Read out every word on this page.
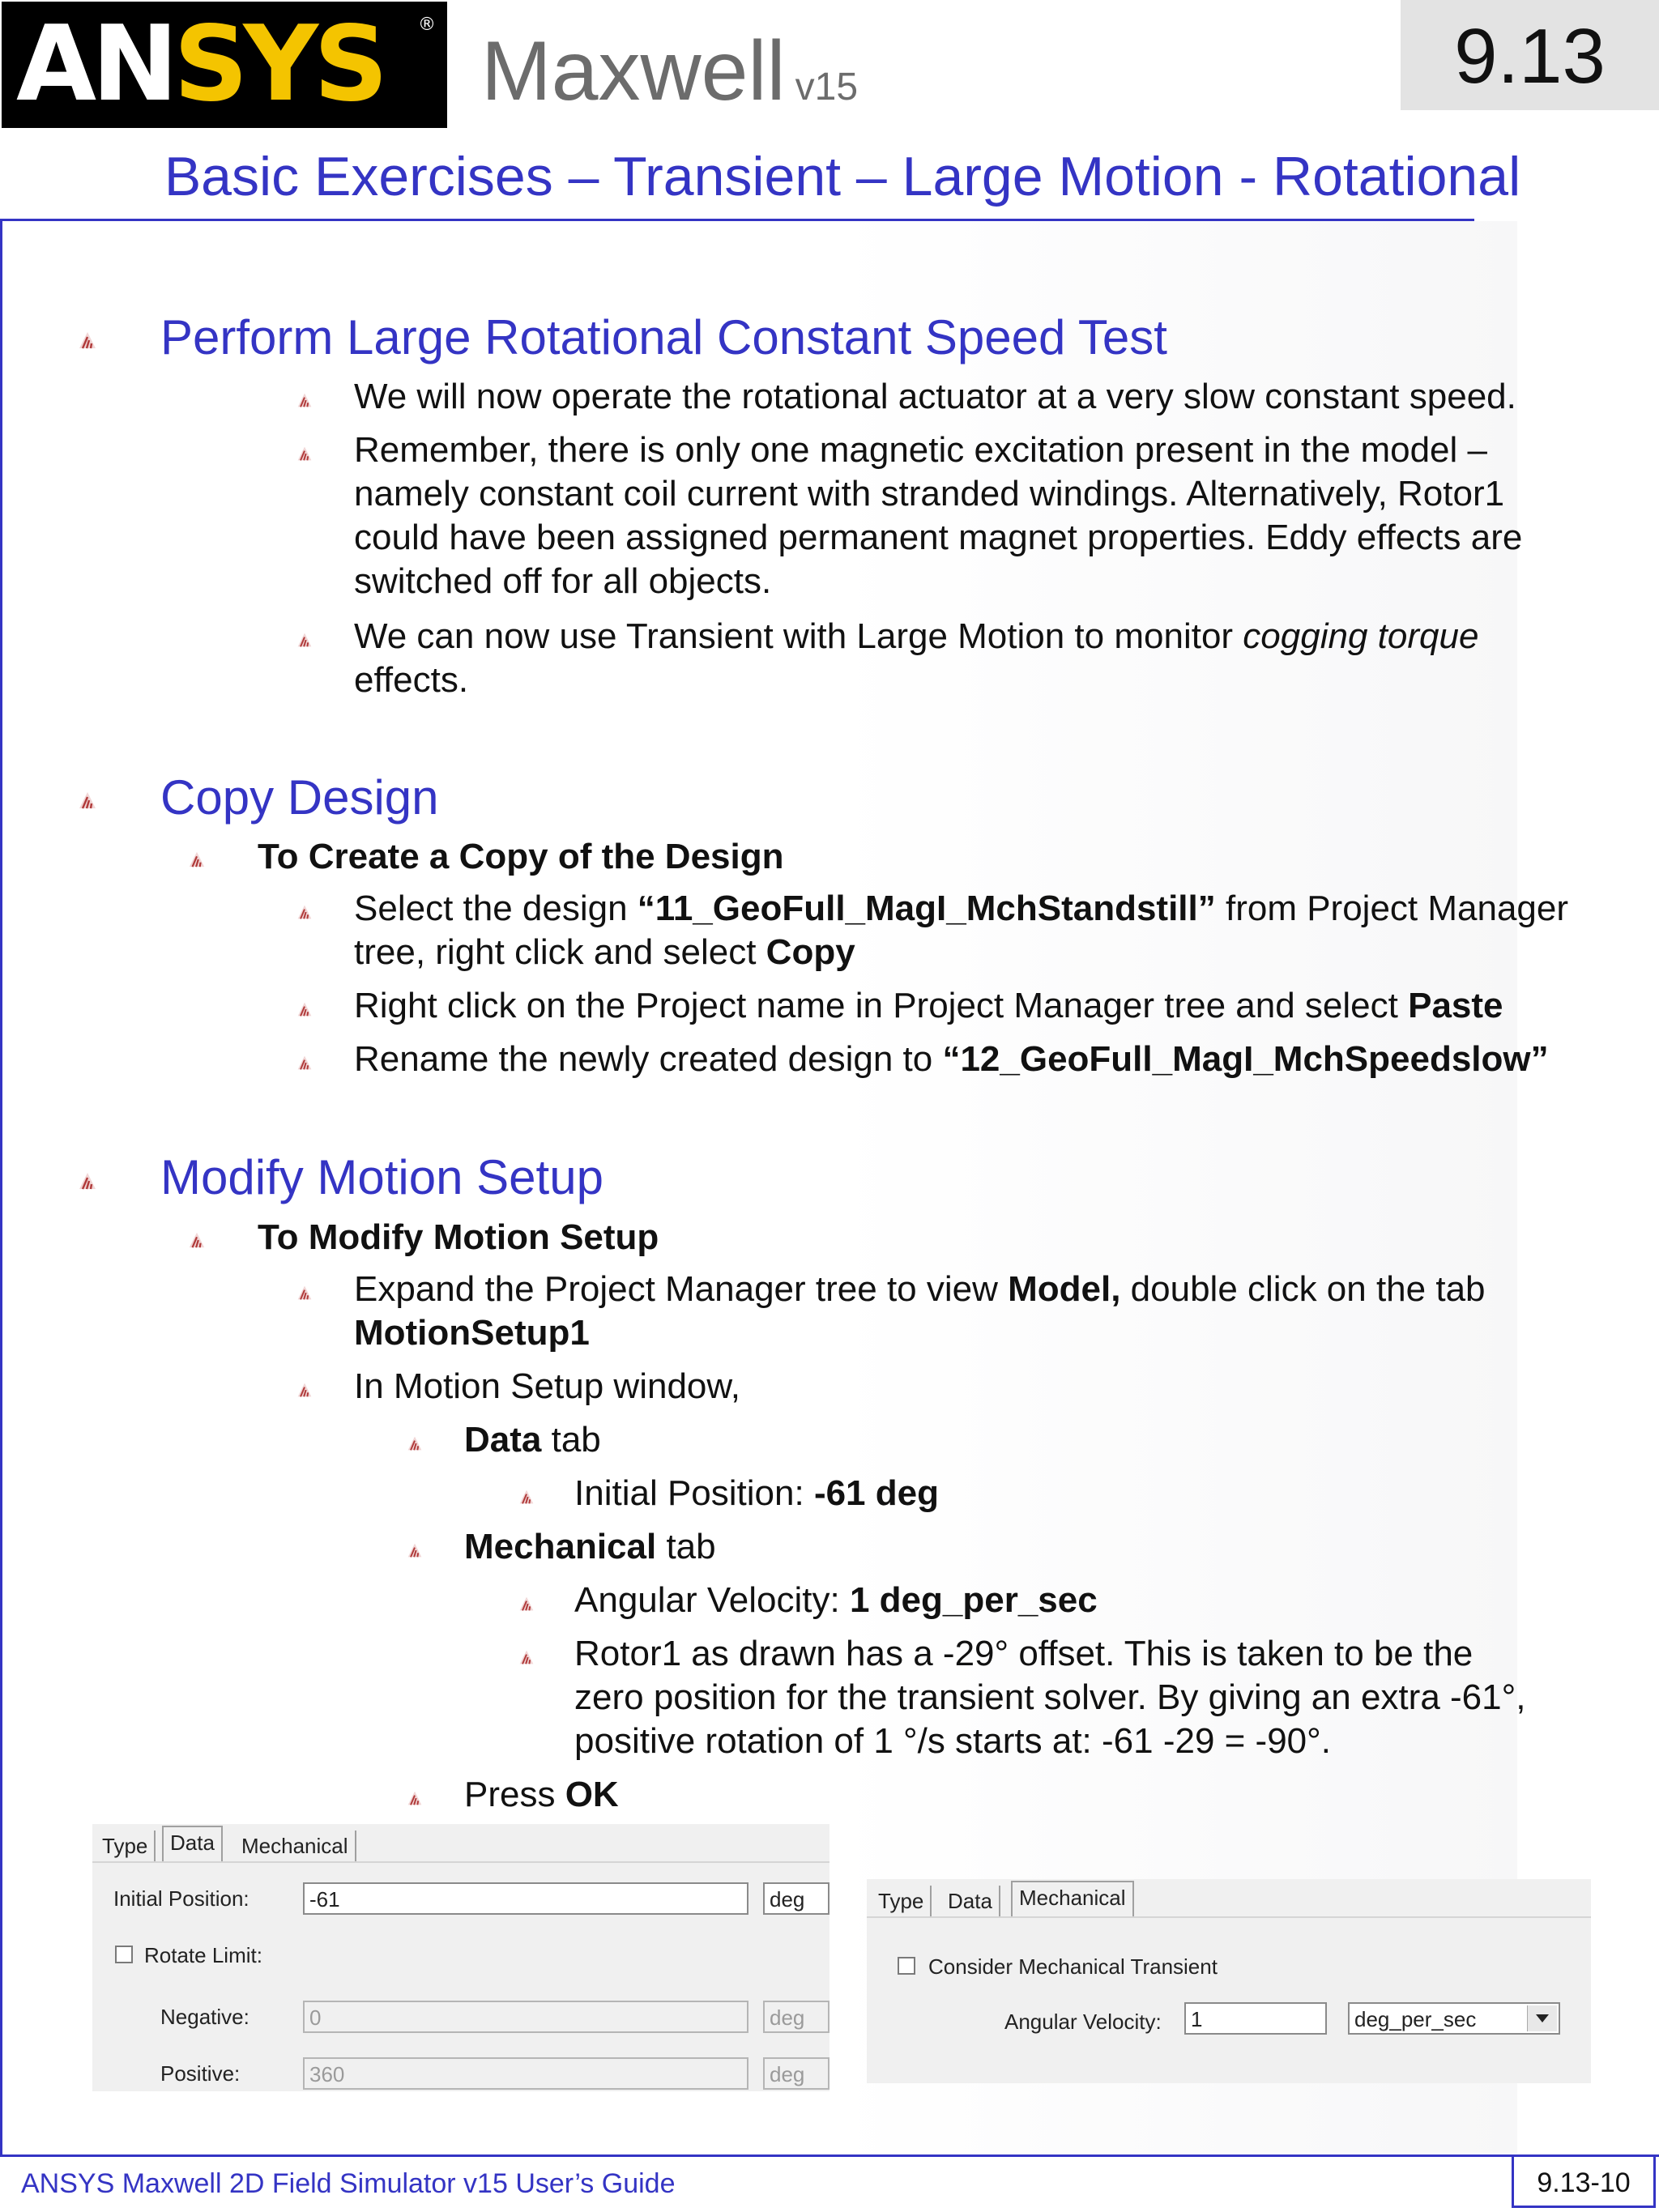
ANSYS ® Maxwell v15	9.13
Basic Exercises – Transient – Large Motion - Rotational
Perform Large Rotational Constant Speed Test
We will now operate the rotational actuator at a very slow constant speed.
Remember, there is only one magnetic excitation present in the model –
namely constant coil current with stranded windings. Alternatively, Rotor1
could have been assigned permanent magnet properties. Eddy effects are
switched off for all objects.
We can now use Transient with Large Motion to monitor cogging torque
effects.
Copy Design
To Create a Copy of the Design
Select the design “11_GeoFull_MagI_MchStandstill” from Project Manager
tree, right click and select Copy
Right click on the Project name in Project Manager tree and select Paste
Rename the newly created design to “12_GeoFull_MagI_MchSpeedslow”
Modify Motion Setup
To Modify Motion Setup
Expand the Project Manager tree to view Model, double click on the tab
MotionSetup1
In Motion Setup window,
Data tab
Initial Position: -61 deg
Mechanical tab
Angular Velocity: 1 deg_per_sec
Rotor1 as drawn has a -29° offset. This is taken to be the
zero position for the transient solver. By giving an extra -61°,
positive rotation of 1 °/s starts at: -61 -29 = -90°.
Press OK
Type	Data	Mechanical
Initial Position:	-61	deg
Rotate Limit:
Negative:	0	deg
Positive:	360	deg
Type	Data	Mechanical
Consider Mechanical Transient
Angular Velocity:	1	deg_per_sec
ANSYS Maxwell 2D Field Simulator v15 User’s Guide	9.13-10
